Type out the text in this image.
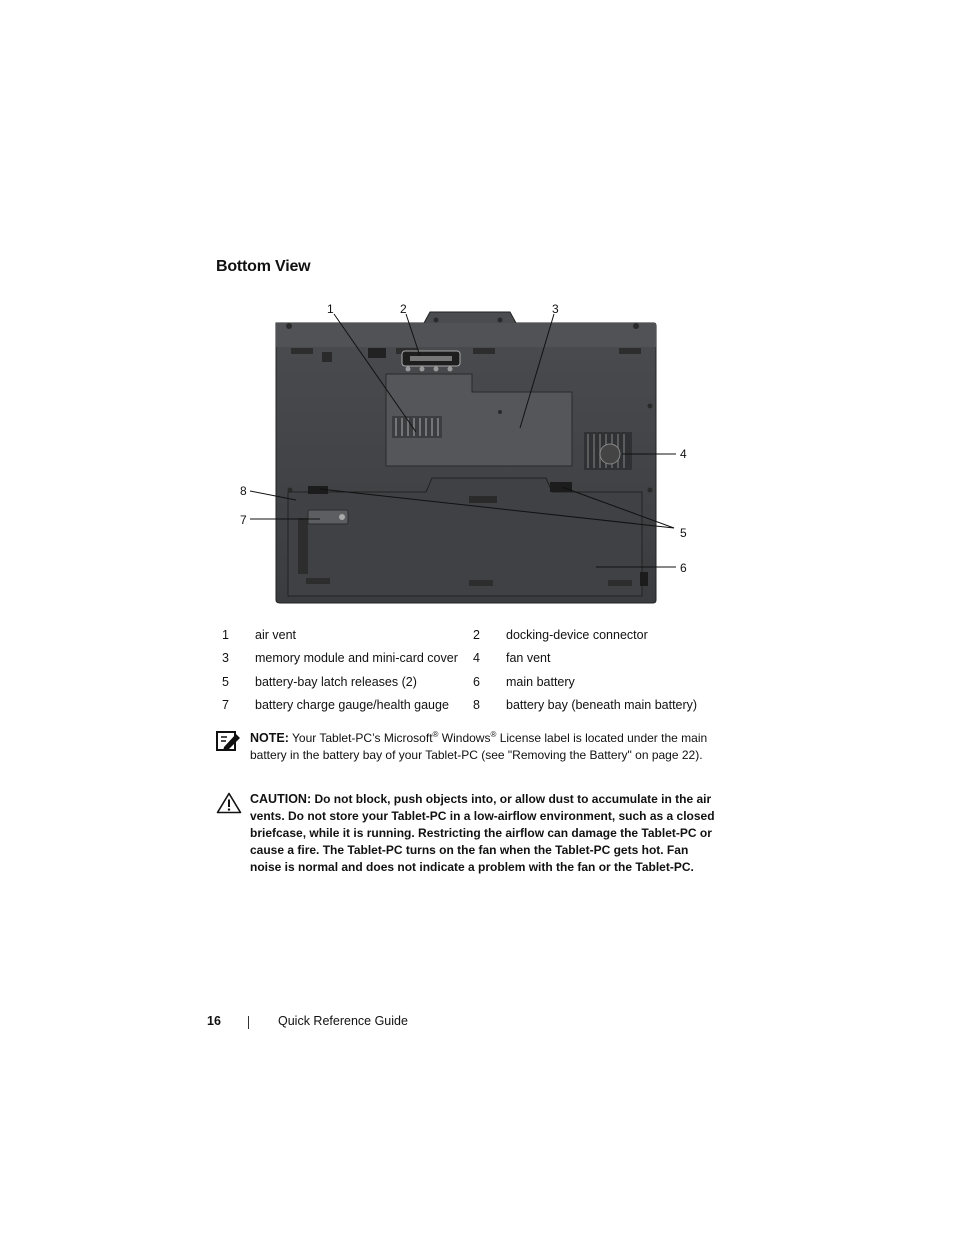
Bottom View
1	2	3
4
5
6
7
8
1	air vent	2	docking-device connector
3	memory module and mini-card cover	4	fan vent
5	battery-bay latch releases (2)	6	main battery
7	battery charge gauge/health gauge	8	battery bay (beneath main battery)
NOTE: Your Tablet-PC’s Microsoft® Windows® License label is located under the main battery in the battery bay of your Tablet-PC (see "Removing the Battery" on page 22).
CAUTION: Do not block, push objects into, or allow dust to accumulate in the air vents. Do not store your Tablet-PC in a low-airflow environment, such as a closed briefcase, while it is running. Restricting the airflow can damage the Tablet-PC or cause a fire. The Tablet-PC turns on the fan when the Tablet-PC gets hot. Fan noise is normal and does not indicate a problem with the fan or the Tablet-PC.
16	Quick Reference Guide
